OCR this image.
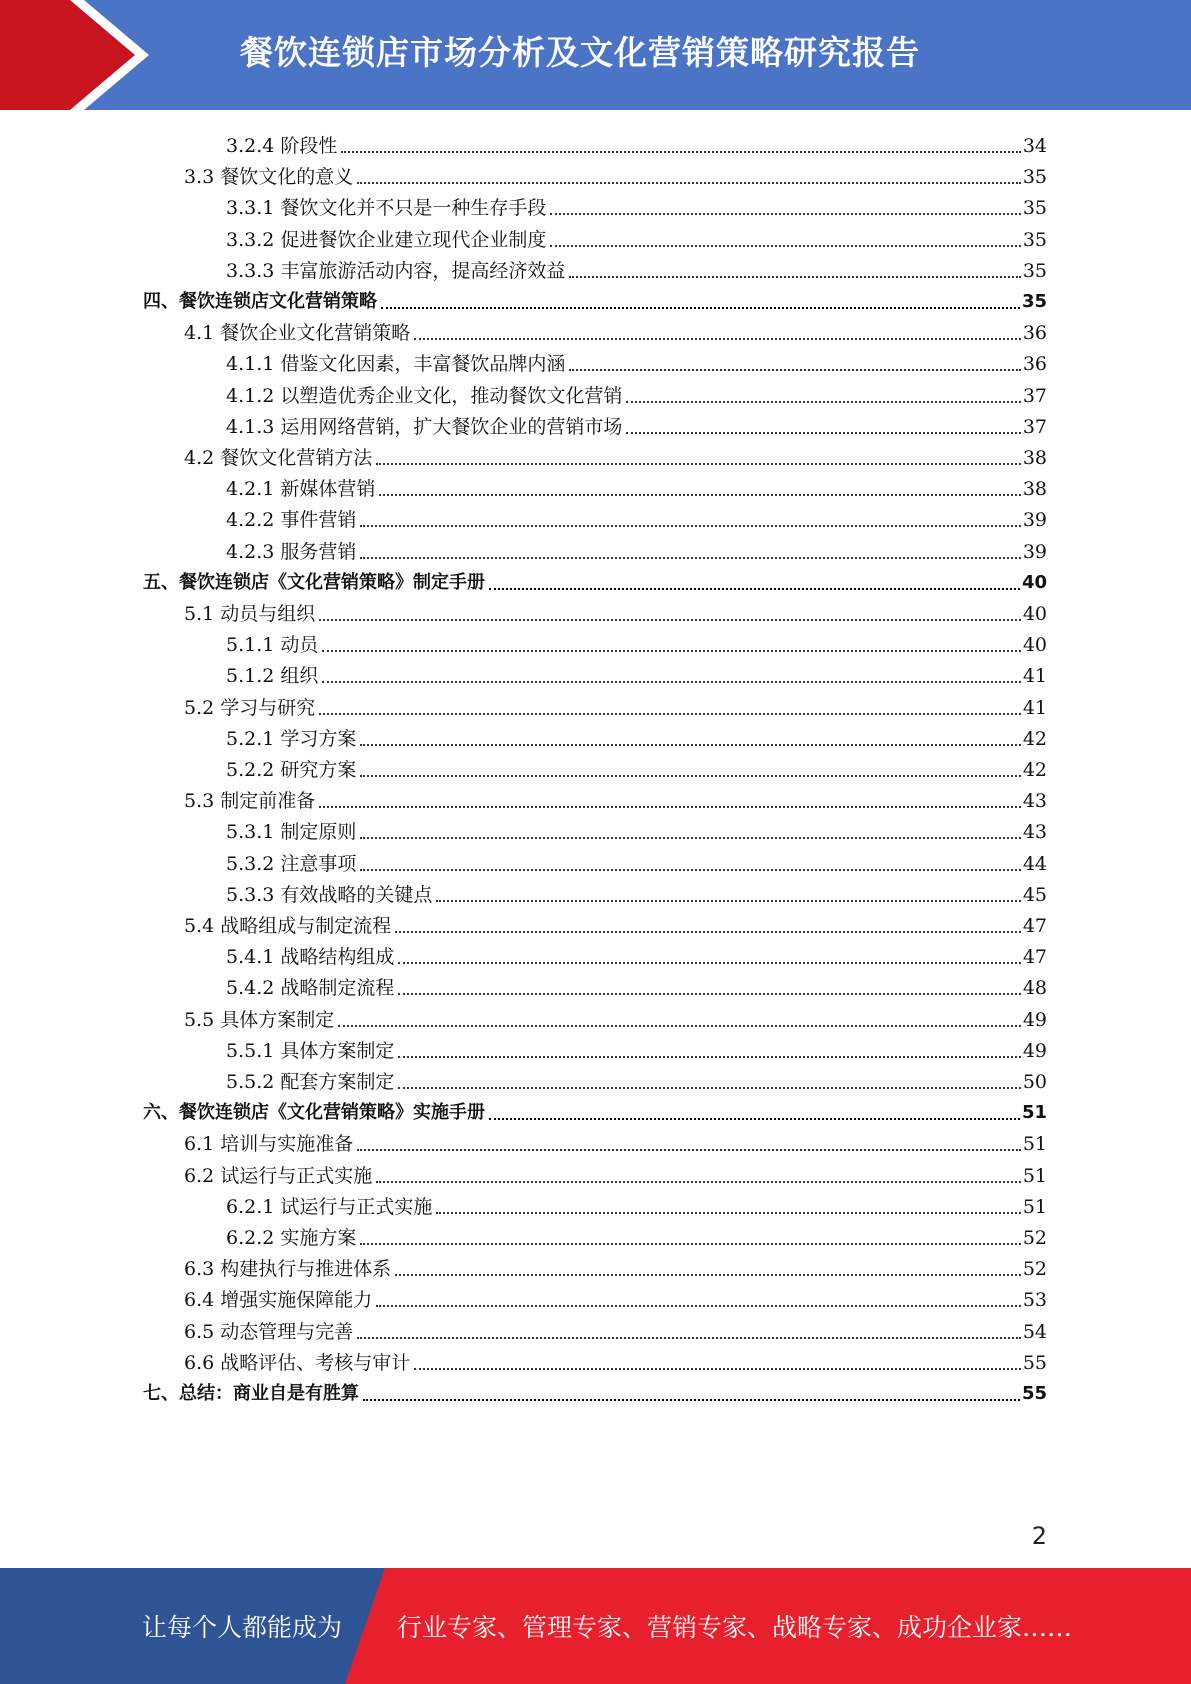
餐饮连锁店市场分析及文化营销策略研究报告
3.2.4 阶段性	34
3.3 餐饮文化的意义	35
3.3.1 餐饮文化并不只是一种生存手段	35
3.3.2 促进餐饮企业建立现代企业制度	35
3.3.3 丰富旅游活动内容，提高经济效益	35
四、餐饮连锁店文化营销策略	35
4.1 餐饮企业文化营销策略	36
4.1.1 借鉴文化因素，丰富餐饮品牌内涵	36
4.1.2 以塑造优秀企业文化，推动餐饮文化营销	37
4.1.3 运用网络营销，扩大餐饮企业的营销市场	37
4.2 餐饮文化营销方法	38
4.2.1 新媒体营销	38
4.2.2 事件营销	39
4.2.3 服务营销	39
五、餐饮连锁店《文化营销策略》制定手册	40
5.1 动员与组织	40
5.1.1 动员	40
5.1.2 组织	41
5.2 学习与研究	41
5.2.1 学习方案	42
5.2.2 研究方案	42
5.3 制定前准备	43
5.3.1 制定原则	43
5.3.2 注意事项	44
5.3.3 有效战略的关键点	45
5.4 战略组成与制定流程	47
5.4.1 战略结构组成	47
5.4.2 战略制定流程	48
5.5 具体方案制定	49
5.5.1 具体方案制定	49
5.5.2 配套方案制定	50
六、餐饮连锁店《文化营销策略》实施手册	51
6.1 培训与实施准备	51
6.2 试运行与正式实施	51
6.2.1 试运行与正式实施	51
6.2.2 实施方案	52
6.3 构建执行与推进体系	52
6.4 增强实施保障能力	53
6.5 动态管理与完善	54
6.6 战略评估、考核与审计	55
七、总结：商业自是有胜算	55
2
让每个人都能成为 行业专家、管理专家、营销专家、战略专家、成功企业家……
